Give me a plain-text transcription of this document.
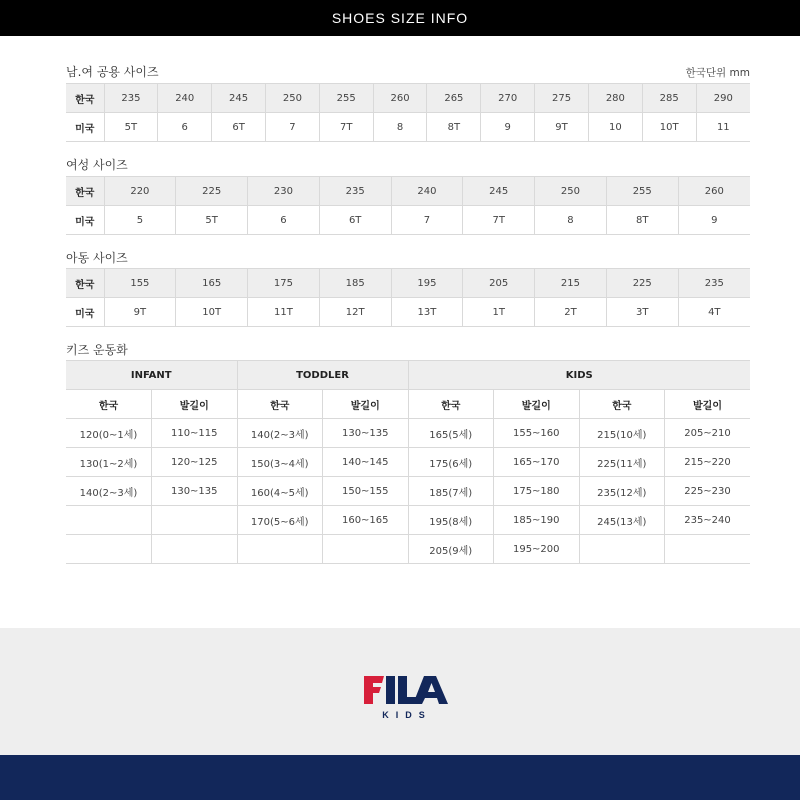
SHOES SIZE INFO
남.여 공용 사이즈	한국단위 mm
한국	235	240	245	250	255	260	265	270	275	280	285	290
미국	5T	6	6T	7	7T	8	8T	9	9T	10	10T	11
여성 사이즈
한국	220	225	230	235	240	245	250	255	260
미국	5	5T	6	6T	7	7T	8	8T	9
아동 사이즈
한국	155	165	175	185	195	205	215	225	235
미국	9T	10T	11T	12T	13T	1T	2T	3T	4T
키즈 운동화
INFANT		TODDLER		KIDS			
한국	발길이	한국	발길이	한국	발길이	한국	발길이
120(0~1세)	110~115	140(2~3세)	130~135	165(5세)	155~160	215(10세)	205~210
130(1~2세)	120~125	150(3~4세)	140~145	175(6세)	165~170	225(11세)	215~220
140(2~3세)	130~135	160(4~5세)	150~155	185(7세)	175~180	235(12세)	225~230
		170(5~6세)	160~165	195(8세)	185~190	245(13세)	235~240
				205(9세)	195~200		
KIDS
